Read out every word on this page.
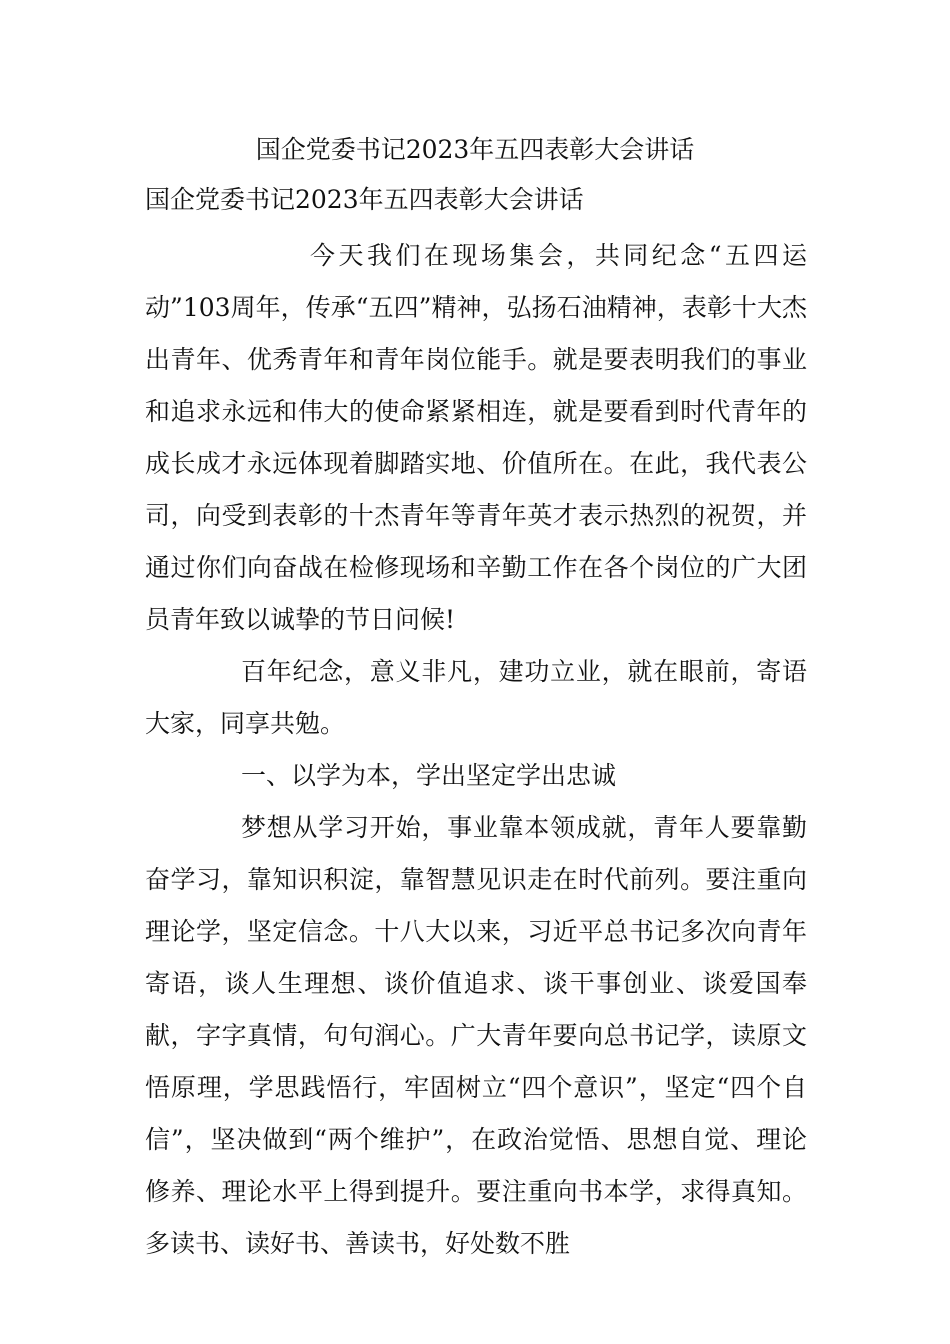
国企党委书记2023年五四表彰大会讲话
国企党委书记2023年五四表彰大会讲话

今天我们在现场集会，共同纪念“五四运动”103周年，传承“五四”精神，弘扬石油精神，表彰十大杰出青年、优秀青年和青年岗位能手。就是要表明我们的事业和追求永远和伟大的使命紧紧相连，就是要看到时代青年的成长成才永远体现着脚踏实地、价值所在。在此，我代表公司，向受到表彰的十杰青年等青年英才表示热烈的祝贺，并通过你们向奋战在检修现场和辛勤工作在各个岗位的广大团员青年致以诚挚的节日问候!

百年纪念，意义非凡，建功立业，就在眼前，寄语大家，同享共勉。

一、以学为本，学出坚定学出忠诚

梦想从学习开始，事业靠本领成就，青年人要靠勤奋学习，靠知识积淀，靠智慧见识走在时代前列。要注重向理论学，坚定信念。十八大以来，习近平总书记多次向青年寄语，谈人生理想、谈价值追求、谈干事创业、谈爱国奉献，字字真情，句句润心。广大青年要向总书记学，读原文悟原理，学思践悟行，牢固树立“四个意识”，坚定“四个自信”，坚决做到“两个维护”，在政治觉悟、思想自觉、理论修养、理论水平上得到提升。要注重向书本学，求得真知。多读书、读好书、善读书，好处数不胜
